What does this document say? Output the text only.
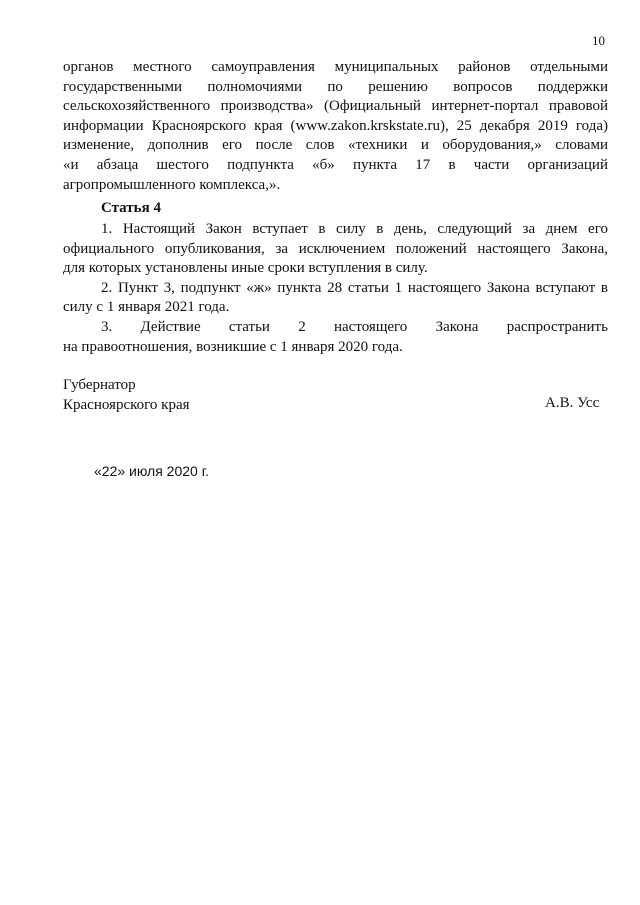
10
органов местного самоуправления муниципальных районов отдельными
государственными полномочиями по решению вопросов поддержки
сельскохозяйственного производства» (Официальный интернет-портал правовой
информации Красноярского края (www.zakon.krskstate.ru), 25 декабря 2019 года)
изменение, дополнив его после слов «техники и оборудования,» словами
«и абзаца шестого подпункта «б» пункта 17 в части организаций
агропромышленного комплекса,».
Статья 4
1. Настоящий Закон вступает в силу в день, следующий за днем его
официального опубликования, за исключением положений настоящего Закона,
для которых установлены иные сроки вступления в силу.
2. Пункт 3, подпункт «ж» пункта 28 статьи 1 настоящего Закона вступают в
силу с 1 января 2021 года.
3. Действие статьи 2 настоящего Закона распространить
на правоотношения, возникшие с 1 января 2020 года.
Губернатор
Красноярского края	А.В. Усс
«22» июля 2020 г.
